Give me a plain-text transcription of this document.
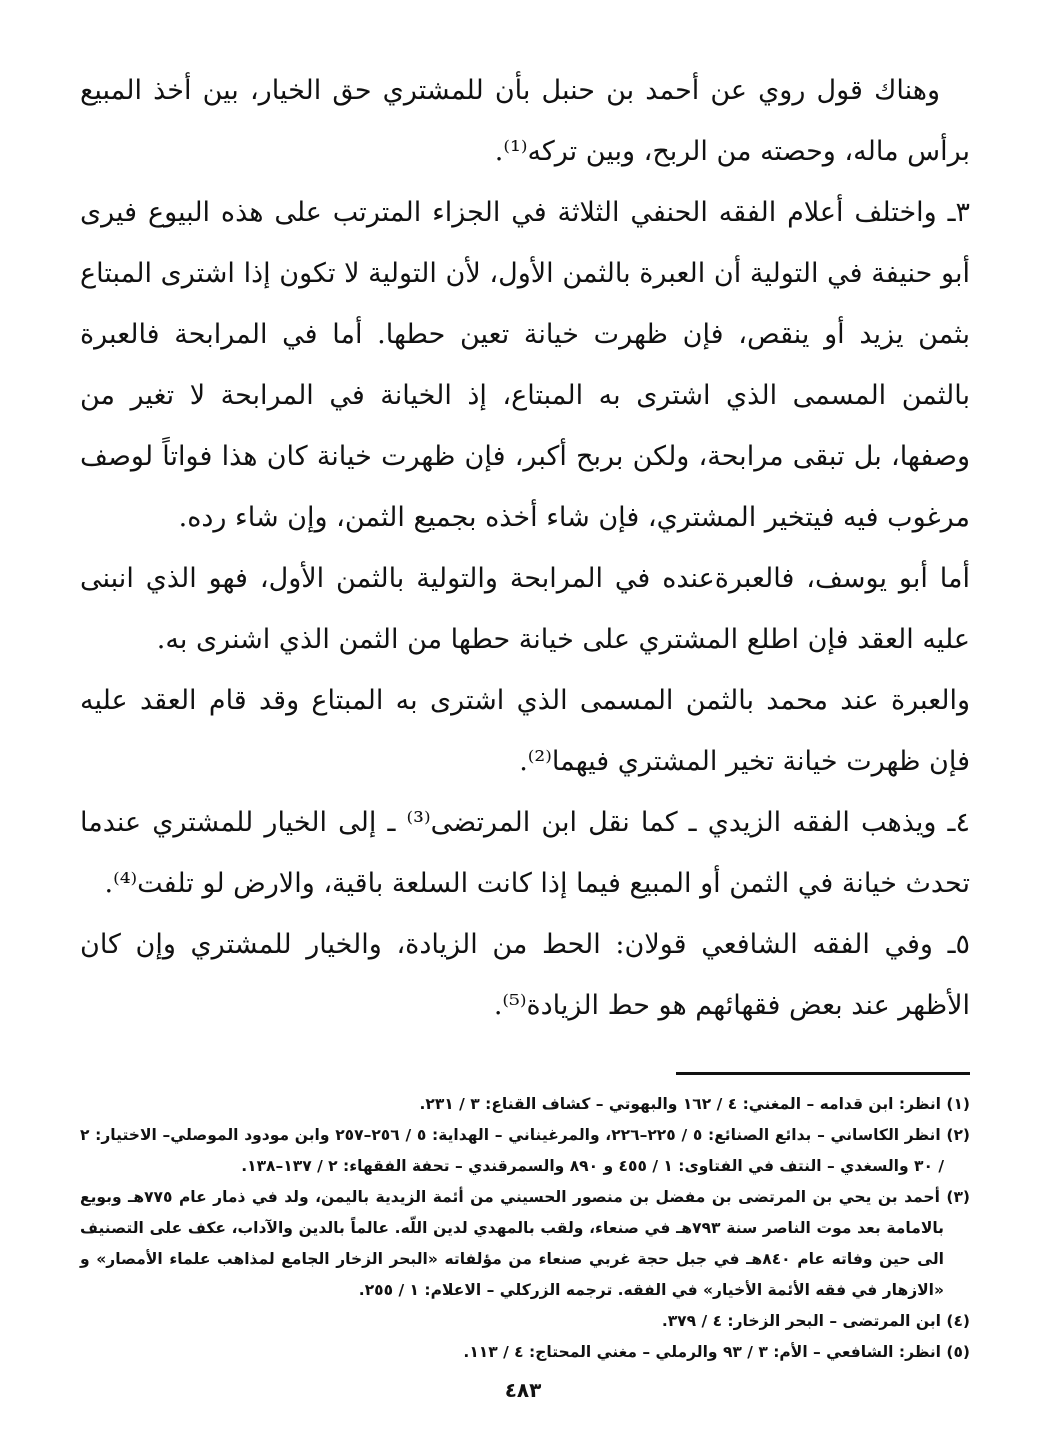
وهناك قول روي عن أحمد بن حنبل بأن للمشتري حق الخيار، بين أخذ المبيع برأس ماله، وحصته من الربح، وبين تركه⁽¹⁾.

٣ـ واختلف أعلام الفقه الحنفي الثلاثة في الجزاء المترتب على هذه البيوع فيرى أبو حنيفة في التولية أن العبرة بالثمن الأول، لأن التولية لا تكون إذا اشترى المبتاع بثمن يزيد أو ينقص، فإن ظهرت خيانة تعين حطها. أما في المرابحة فالعبرة بالثمن المسمى الذي اشترى به المبتاع، إذ الخيانة في المرابحة لا تغير من وصفها، بل تبقى مرابحة، ولكن بربح أكبر، فإن ظهرت خيانة كان هذا فواتاً لوصف مرغوب فيه فيتخير المشتري، فإن شاء أخذه بجميع الثمن، وإن شاء رده.

أما أبو يوسف، فالعبرةعنده في المرابحة والتولية بالثمن الأول، فهو الذي انبنى عليه العقد فإن اطلع المشتري على خيانة حطها من الثمن الذي اشنرى به.

والعبرة عند محمد بالثمن المسمى الذي اشترى به المبتاع وقد قام العقد عليه فإن ظهرت خيانة تخير المشتري فيهما⁽²⁾.

٤ـ ويذهب الفقه الزيدي ـ كما نقل ابن المرتضى⁽³⁾ ـ إلى الخيار للمشتري عندما تحدث خيانة في الثمن أو المبيع فيما إذا كانت السلعة باقية، والارض لو تلفت⁽⁴⁾.

٥ـ وفي الفقه الشافعي قولان: الحط من الزيادة، والخيار للمشتري وإن كان الأظهر عند بعض فقهائهم هو حط الزيادة⁽⁵⁾.

(١) انظر: ابن قدامه – المغني: ٤ / ١٦٢ والبهوتي – كشاف القناع: ٣ / ٢٣١.

(٢) انظر الكاساني – بدائع الصنائع: ٥ / ٢٢٥–٢٢٦، والمرغيناني – الهداية: ٥ / ٢٥٦–٢٥٧ وابن مودود الموصلي– الاختيار: ٢ / ٣٠ والسغدي – النتف في الفتاوى: ١ / ٤٥٥ و ٨٩٠ والسمرقندي – تحفة الفقهاء: ٢ / ١٣٧–١٣٨.

(٣) أحمد بن يحي بن المرتضى بن مفضل بن منصور الحسيني من أئمة الزيدية باليمن، ولد في ذمار عام ٧٧٥هـ وبويع بالامامة بعد موت الناصر سنة ٧٩٣هـ في صنعاء، ولقب بالمهدي لدين اللّه. عالماً بالدين والآداب، عكف على التصنيف الى حين وفاته عام ٨٤٠هـ في جبل حجة غربي صنعاء من مؤلفاته «البحر الزخار الجامع لمذاهب علماء الأمصار» و «الازهار في فقه الأئمة الأخيار» في الفقه. ترجمه الزركلي – الاعلام: ١ / ٢٥٥.

(٤) ابن المرتضى – البحر الزخار: ٤ / ٣٧٩.

(٥) انظر: الشافعي – الأم: ٣ / ٩٣ والرملي – مغني المحتاج: ٤ / ١١٣.

٤٨٣
